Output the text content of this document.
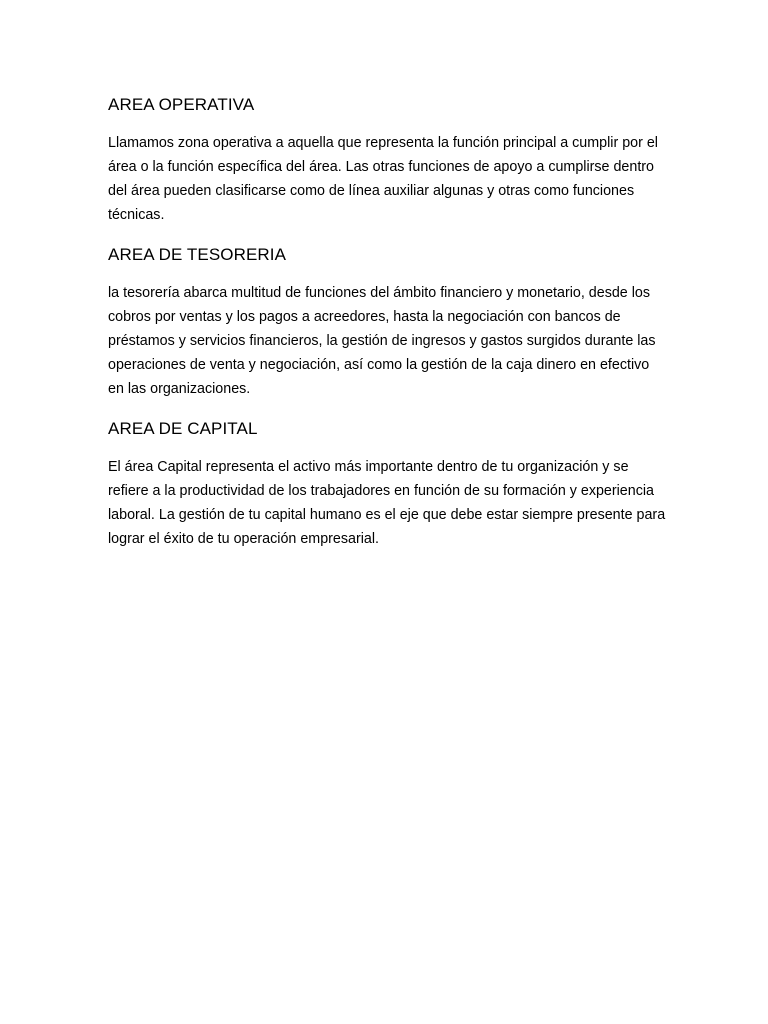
AREA OPERATIVA

Llamamos zona operativa a aquella que representa la función principal a cumplir por el área o la función específica del área. Las otras funciones de apoyo a cumplirse dentro del área pueden clasificarse como de línea auxiliar algunas y otras como funciones técnicas.

AREA DE TESORERIA

la tesorería abarca multitud de funciones del ámbito financiero y monetario, desde los cobros por ventas y los pagos a acreedores, hasta la negociación con bancos de préstamos y servicios financieros, la gestión de ingresos y gastos surgidos durante las operaciones de venta y negociación, así como la gestión de la caja dinero en efectivo en las organizaciones.

AREA DE CAPITAL

El área Capital representa el activo más importante dentro de tu organización y se refiere a la productividad de los trabajadores en función de su formación y experiencia laboral. La gestión de tu capital humano es el eje que debe estar siempre presente para lograr el éxito de tu operación empresarial.
